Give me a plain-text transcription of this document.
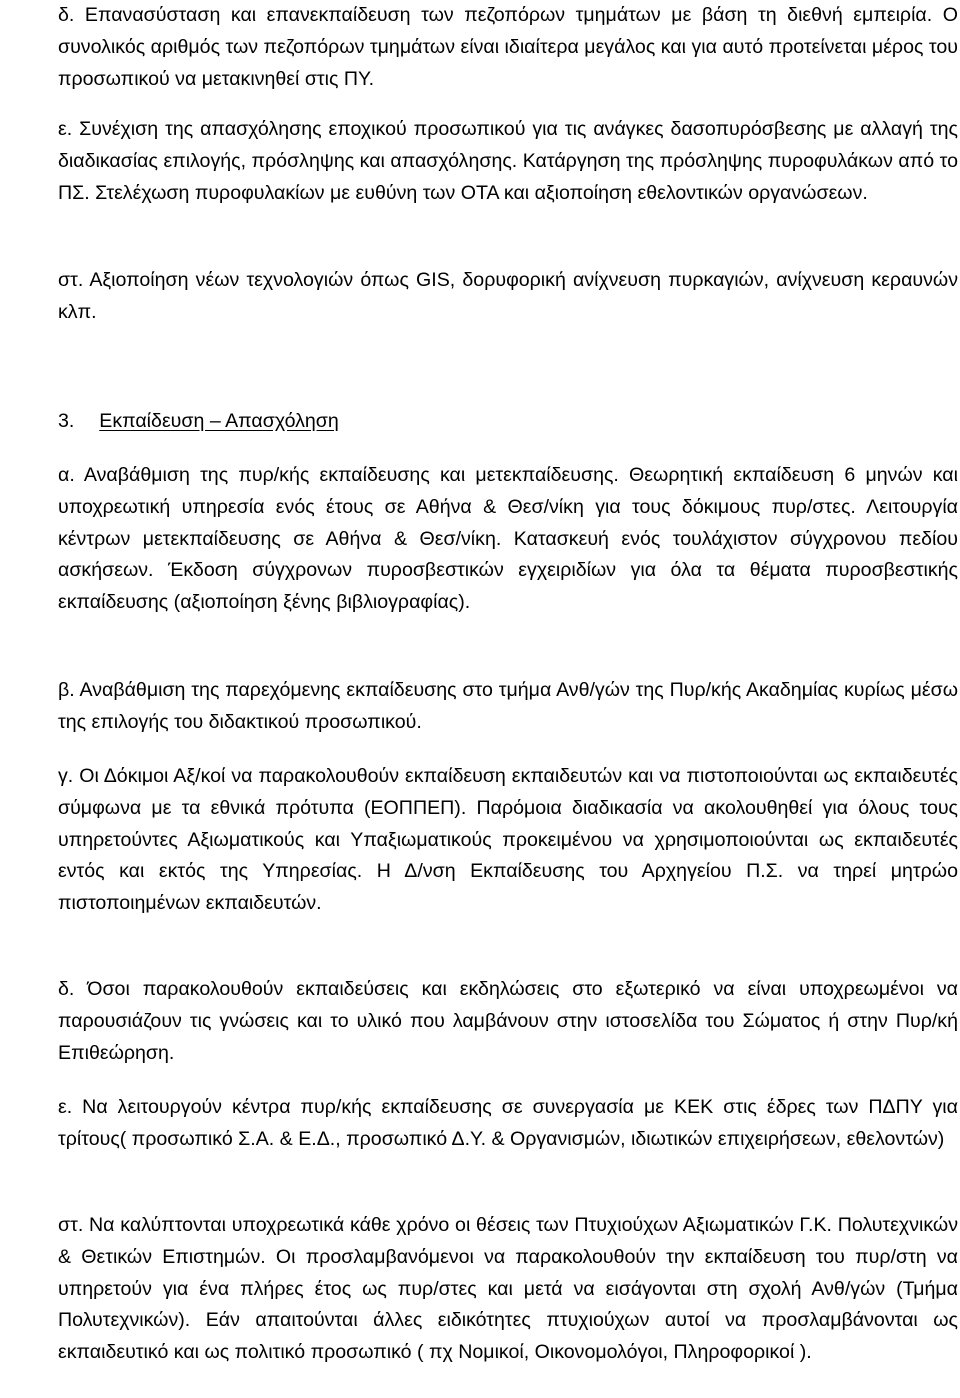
δ. Επανασύσταση και επανεκπαίδευση των πεζοπόρων τμημάτων με βάση τη διεθνή εμπειρία. Ο συνολικός αριθμός των πεζοπόρων τμημάτων είναι ιδιαίτερα μεγάλος και για αυτό προτείνεται μέρος του προσωπικού να μετακινηθεί στις ΠΥ.

ε. Συνέχιση της απασχόλησης εποχικού προσωπικού για τις ανάγκες δασοπυρόσβεσης με αλλαγή της διαδικασίας επιλογής, πρόσληψης και απασχόλησης. Κατάργηση της πρόσληψης πυροφυλάκων από το ΠΣ. Στελέχωση πυροφυλακίων με ευθύνη των ΟΤΑ και αξιοποίηση εθελοντικών οργανώσεων.

στ. Αξιοποίηση νέων τεχνολογιών όπως GIS, δορυφορική ανίχνευση πυρκαγιών, ανίχνευση κεραυνών κλπ.

3. Εκπαίδευση – Απασχόληση

α. Αναβάθμιση της πυρ/κής εκπαίδευσης και μετεκπαίδευσης. Θεωρητική εκπαίδευση 6 μηνών και υποχρεωτική υπηρεσία ενός έτους σε Αθήνα & Θεσ/νίκη για τους δόκιμους πυρ/στες. Λειτουργία κέντρων μετεκπαίδευσης σε Αθήνα & Θεσ/νίκη. Κατασκευή ενός τουλάχιστον σύγχρονου πεδίου ασκήσεων. Έκδοση σύγχρονων πυροσβεστικών εγχειριδίων για όλα τα θέματα πυροσβεστικής εκπαίδευσης (αξιοποίηση ξένης βιβλιογραφίας).

β. Αναβάθμιση της παρεχόμενης εκπαίδευσης στο τμήμα Ανθ/γών της Πυρ/κής Ακαδημίας κυρίως μέσω της επιλογής του διδακτικού προσωπικού.

γ. Οι Δόκιμοι Αξ/κοί να παρακολουθούν εκπαίδευση εκπαιδευτών και να πιστοποιούνται ως εκπαιδευτές σύμφωνα με τα εθνικά πρότυπα (ΕΟΠΠΕΠ). Παρόμοια διαδικασία να ακολουθηθεί για όλους τους υπηρετούντες Αξιωματικούς και Υπαξιωματικούς προκειμένου να χρησιμοποιούνται ως εκπαιδευτές εντός και εκτός της Υπηρεσίας. Η Δ/νση Εκπαίδευσης του Αρχηγείου Π.Σ. να τηρεί μητρώο πιστοποιημένων εκπαιδευτών.

δ. Όσοι παρακολουθούν εκπαιδεύσεις και εκδηλώσεις στο εξωτερικό να είναι υποχρεωμένοι να παρουσιάζουν τις γνώσεις και το υλικό που λαμβάνουν στην ιστοσελίδα του Σώματος ή στην Πυρ/κή Επιθεώρηση.

ε. Να λειτουργούν κέντρα πυρ/κής εκπαίδευσης σε συνεργασία με ΚΕΚ στις έδρες των ΠΔΠΥ για τρίτους( προσωπικό Σ.Α. & Ε.Δ., προσωπικό Δ.Υ. & Οργανισμών, ιδιωτικών επιχειρήσεων, εθελοντών)

στ. Να καλύπτονται υποχρεωτικά κάθε χρόνο οι θέσεις των Πτυχιούχων Αξιωματικών Γ.Κ. Πολυτεχνικών & Θετικών Επιστημών. Οι προσλαμβανόμενοι να παρακολουθούν την εκπαίδευση του πυρ/στη να υπηρετούν για ένα πλήρες έτος ως πυρ/στες και μετά να εισάγονται στη σχολή Ανθ/γών (Τμήμα Πολυτεχνικών). Εάν απαιτούνται άλλες ειδικότητες πτυχιούχων αυτοί να προσλαμβάνονται ως εκπαιδευτικό και ως πολιτικό προσωπικό ( πχ Νομικοί, Οικονομολόγοι, Πληροφορικοί ).
